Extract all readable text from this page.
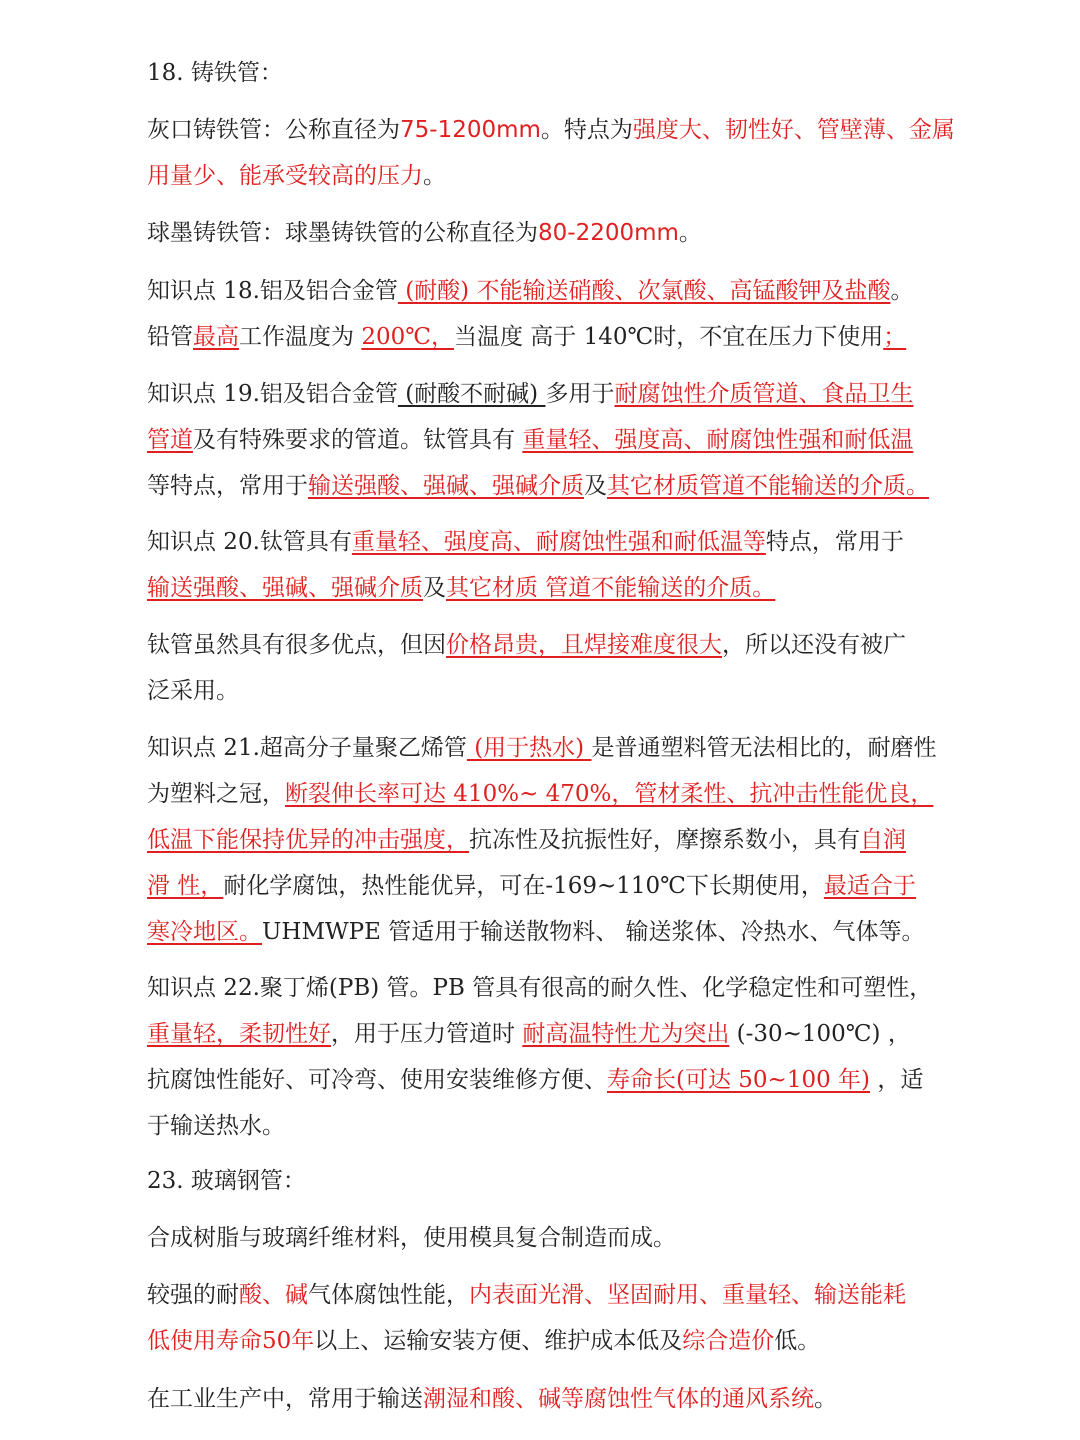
18. 铸铁管：

灰口铸铁管：公称直径为75-1200mm。特点为强度大、韧性好、管壁薄、金属
用量少、能承受较高的压力。

球墨铸铁管：球墨铸铁管的公称直径为80-2200mm。

知识点 18.铝及铝合金管 (耐酸) 不能输送硝酸、次氯酸、高锰酸钾及盐酸。
铅管最高工作温度为 200℃，当温度 高于 140℃时，不宜在压力下使用；

知识点 19.铝及铝合金管 (耐酸不耐碱) 多用于耐腐蚀性介质管道、食品卫生
管道及有特殊要求的管道。钛管具有 重量轻、强度高、耐腐蚀性强和耐低温
等特点，常用于输送强酸、强碱、强碱介质及其它材质管道不能输送的介质。

知识点 20.钛管具有重量轻、强度高、耐腐蚀性强和耐低温等特点，常用于
输送强酸、强碱、强碱介质及其它材质 管道不能输送的介质。

钛管虽然具有很多优点，但因价格昂贵，且焊接难度很大，所以还没有被广
泛采用。

知识点 21.超高分子量聚乙烯管 (用于热水) 是普通塑料管无法相比的，耐磨性
为塑料之冠，断裂伸长率可达 410%~ 470%，管材柔性、抗冲击性能优良，
低温下能保持优异的冲击强度，抗冻性及抗振性好，摩擦系数小，具有自润
滑 性，耐化学腐蚀，热性能优异，可在-169~110℃下长期使用，最适合于
寒冷地区。UHMWPE 管适用于输送散物料、 输送浆体、冷热水、气体等。

知识点 22.聚丁烯(PB) 管。PB 管具有很高的耐久性、化学稳定性和可塑性，
重量轻，柔韧性好，用于压力管道时 耐高温特性尤为突出 (-30~100℃) ，
抗腐蚀性能好、可冷弯、使用安装维修方便、寿命长(可达 50~100 年) ，适
于输送热水。

23. 玻璃钢管：

合成树脂与玻璃纤维材料，使用模具复合制造而成。

较强的耐酸、碱气体腐蚀性能，内表面光滑、坚固耐用、重量轻、输送能耗
低使用寿命50年以上、运输安装方便、维护成本低及综合造价低。

在工业生产中，常用于输送潮湿和酸、碱等腐蚀性气体的通风系统。
